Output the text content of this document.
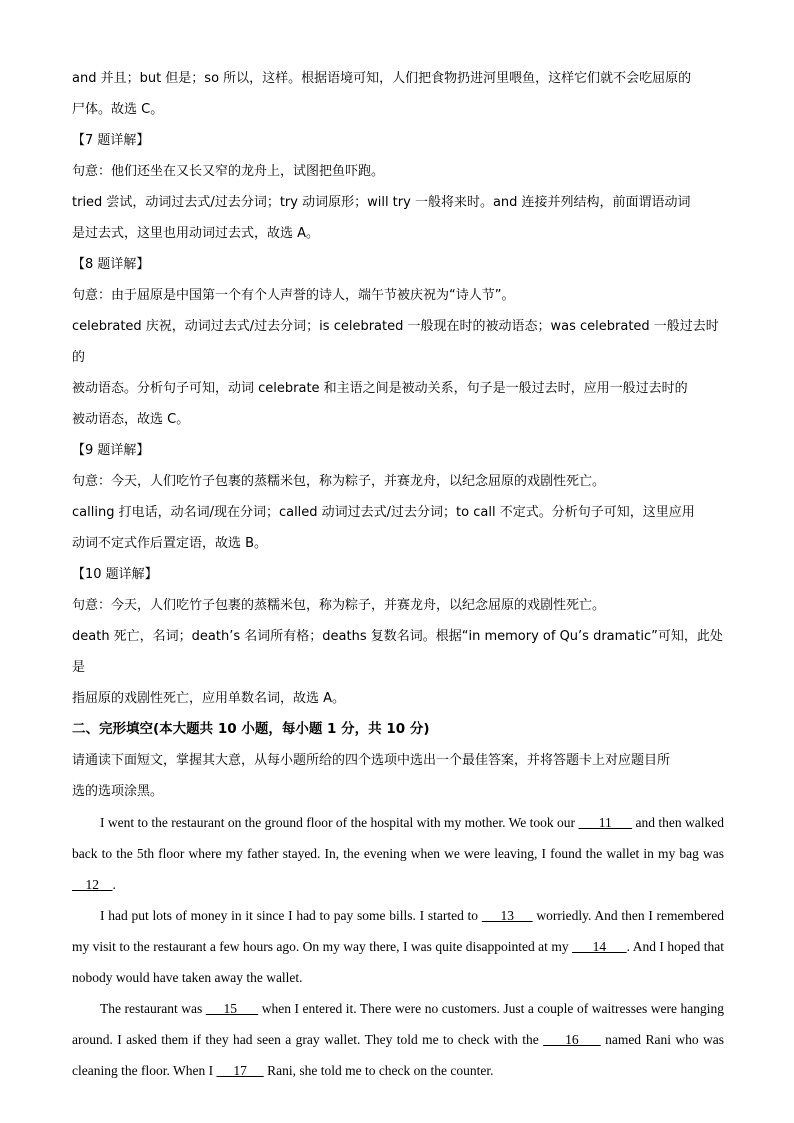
and 并且；but 但是；so 所以，这样。根据语境可知，人们把食物扔进河里喂鱼，这样它们就不会吃屈原的

尸体。故选 C。

【7 题详解】

句意：他们还坐在又长又窄的龙舟上，试图把鱼吓跑。

tried 尝试，动词过去式/过去分词；try 动词原形；will try 一般将来时。and 连接并列结构，前面谓语动词

是过去式，这里也用动词过去式，故选 A。

【8 题详解】

句意：由于屈原是中国第一个有个人声誉的诗人，端午节被庆祝为“诗人节”。

celebrated 庆祝，动词过去式/过去分词；is celebrated 一般现在时的被动语态；was celebrated 一般过去时的

被动语态。分析句子可知，动词 celebrate 和主语之间是被动关系，句子是一般过去时，应用一般过去时的

被动语态，故选 C。

【9 题详解】

句意：今天，人们吃竹子包裹的蒸糯米包，称为粽子，并赛龙舟，以纪念屈原的戏剧性死亡。

calling 打电话，动名词/现在分词；called 动词过去式/过去分词；to call 不定式。分析句子可知，这里应用

动词不定式作后置定语，故选 B。

【10 题详解】

句意：今天，人们吃竹子包裹的蒸糯米包，称为粽子，并赛龙舟，以纪念屈原的戏剧性死亡。

death 死亡，名词；death’s 名词所有格；deaths 复数名词。根据“in memory of Qu’s dramatic”可知，此处是

指屈原的戏剧性死亡，应用单数名词，故选 A。

二、完形填空(本大题共 10 小题，每小题 1 分，共 10 分)

请通读下面短文，掌握其大意，从每小题所给的四个选项中选出一个最佳答案，并将答题卡上对应题目所

选的选项涂黑。

I went to the restaurant on the ground floor of the hospital with my mother. We took our       11       and then walked back to the 5th floor where my father stayed. In, the evening when we were leaving, I found the wallet in my bag was     12    .

I had put lots of money in it since I had to pay some bills. I started to      13      worriedly. And then I remembered my visit to the restaurant a few hours ago. On my way there, I was quite disappointed at my       14      . And I hoped that nobody would have taken away the wallet.

The restaurant was      15       when I entered it. There were no customers. Just a couple of waitresses were hanging around. I asked them if they had seen a gray wallet. They told me to check with the      16      named Rani who was cleaning the floor. When I      17      Rani, she told me to check on the counter.
